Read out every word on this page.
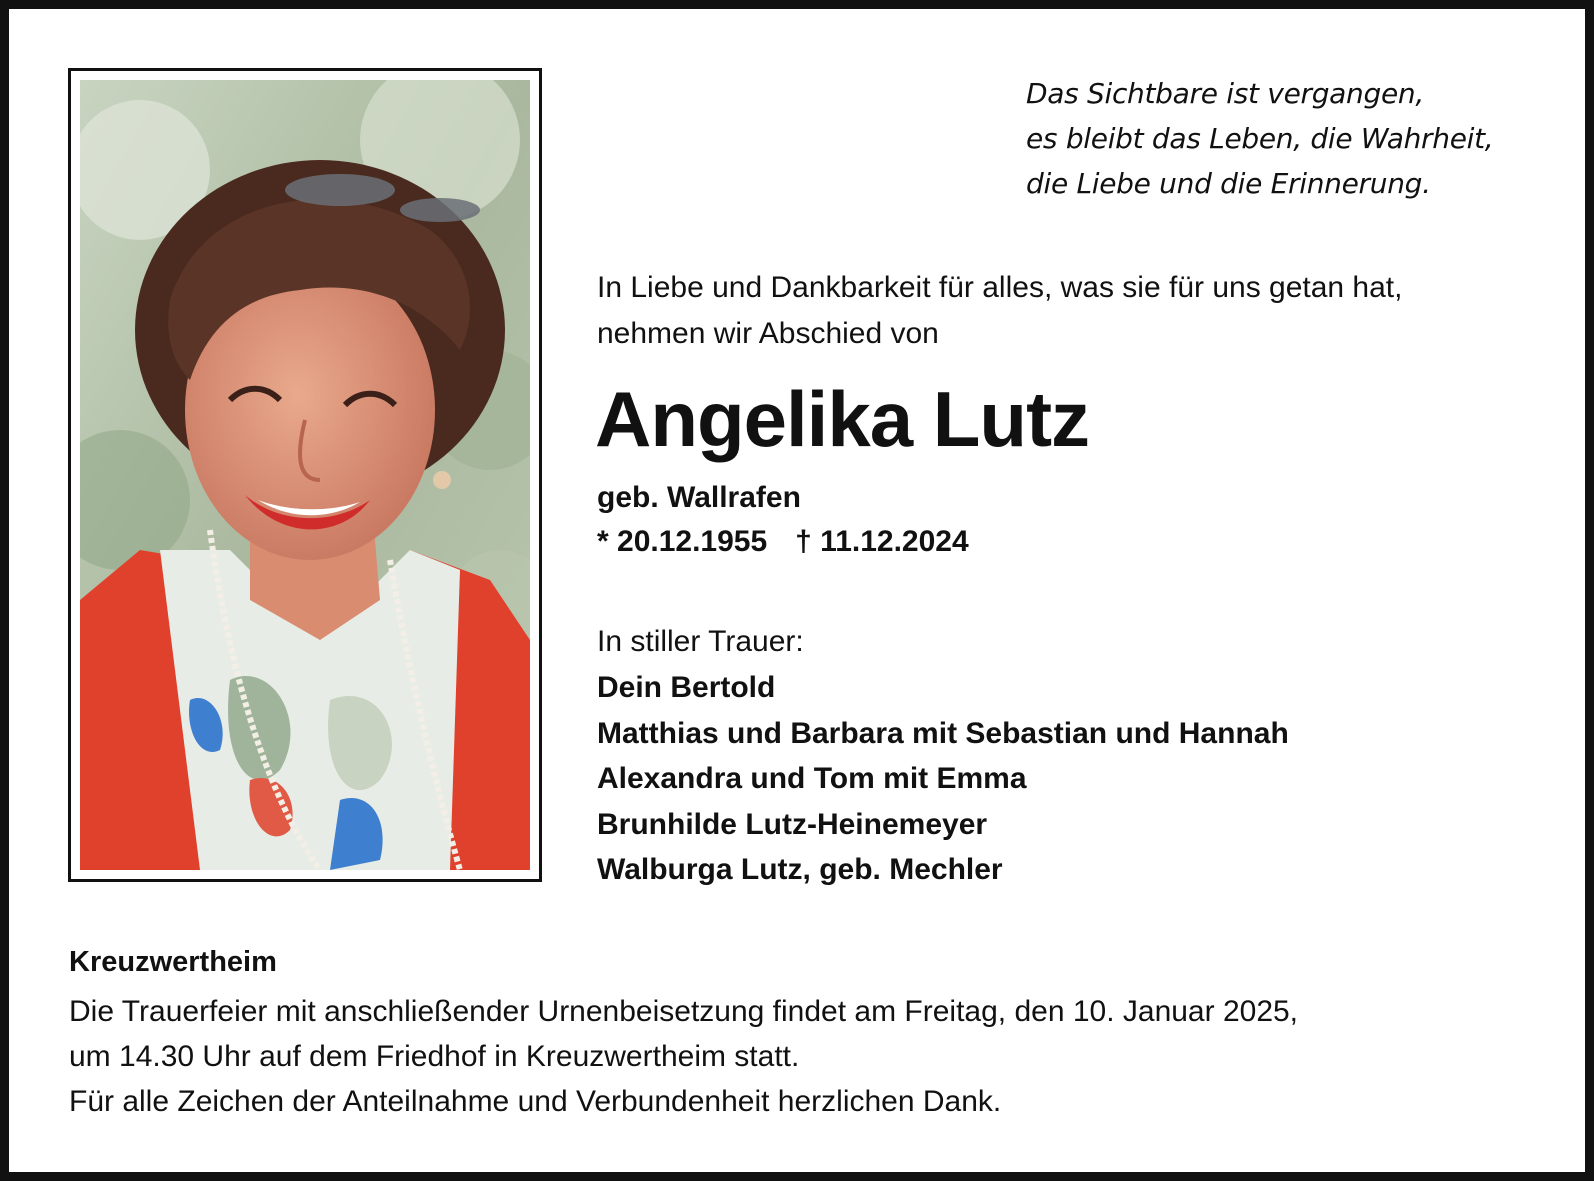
Das Sichtbare ist vergangen,
es bleibt das Leben, die Wahrheit,
die Liebe und die Erinnerung.

In Liebe und Dankbarkeit für alles, was sie für uns getan hat,
nehmen wir Abschied von

Angelika Lutz

geb. Wallrafen

* 20.12.1955 † 11.12.2024

In stiller Trauer:

Dein Bertold
Matthias und Barbara mit Sebastian und Hannah
Alexandra und Tom mit Emma
Brunhilde Lutz-Heinemeyer
Walburga Lutz, geb. Mechler

Kreuzwertheim

Die Trauerfeier mit anschließender Urnenbeisetzung findet am Freitag, den 10. Januar 2025,
um 14.30 Uhr auf dem Friedhof in Kreuzwertheim statt.
Für alle Zeichen der Anteilnahme und Verbundenheit herzlichen Dank.
